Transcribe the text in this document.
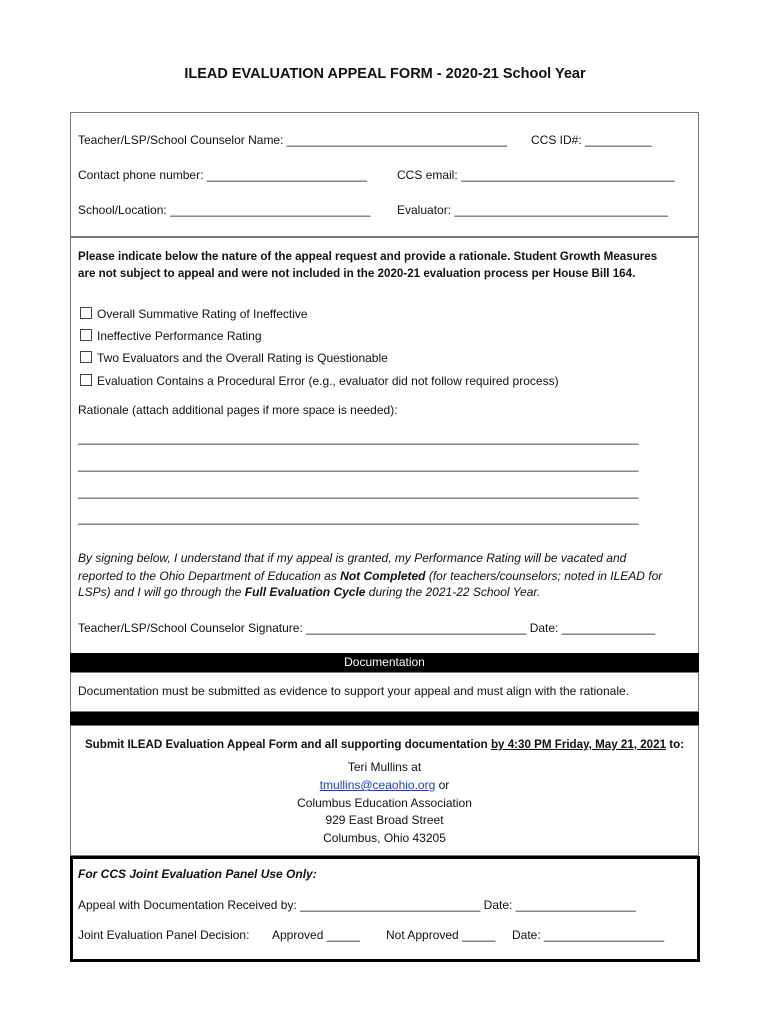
ILEAD EVALUATION APPEAL FORM - 2020-21 School Year
Teacher/LSP/School Counselor Name: _________________________________ CCS ID#: __________
Contact phone number: ________________________	CCS email: ________________________________
School/Location: ______________________________ Evaluator: ________________________________
Please indicate below the nature of the appeal request and provide a rationale. Student Growth Measures
are not subject to appeal and were not included in the 2020-21 evaluation process per House Bill 164.
Overall Summative Rating of Ineffective
Ineffective Performance Rating
Two Evaluators and the Overall Rating is Questionable
Evaluation Contains a Procedural Error (e.g., evaluator did not follow required process)
Rationale (attach additional pages if more space is needed):
____________________________________________________________________________________
____________________________________________________________________________________
____________________________________________________________________________________
____________________________________________________________________________________
By signing below, I understand that if my appeal is granted, my Performance Rating will be vacated and
reported to the Ohio Department of Education as Not Completed (for teachers/counselors; noted in ILEAD for
LSPs) and I will go through the Full Evaluation Cycle during the 2021-22 School Year.
Teacher/LSP/School Counselor Signature: _________________________________ Date: ______________
Documentation
Documentation must be submitted as evidence to support your appeal and must align with the rationale.
Submit ILEAD Evaluation Appeal Form and all supporting documentation by 4:30 PM Friday, May 21, 2021 to:
Teri Mullins at
tmullins@ceaohio.org or
Columbus Education Association
929 East Broad Street
Columbus, Ohio 43205
For CCS Joint Evaluation Panel Use Only:
Appeal with Documentation Received by: ___________________________ Date: __________________
Joint Evaluation Panel Decision: Approved _____ Not Approved _____ Date: __________________
